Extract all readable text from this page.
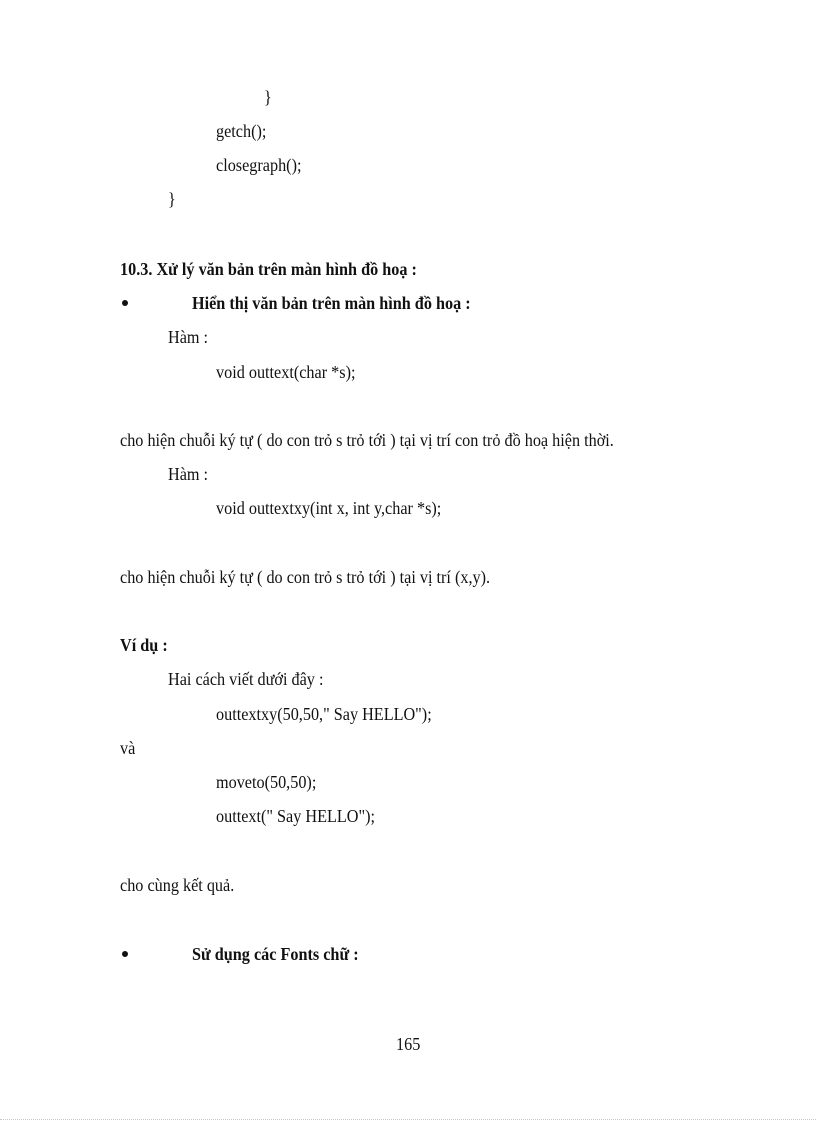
}
getch();
closegraph();
}
10.3. Xử lý văn bản trên màn hình đồ hoạ :
Hiển thị văn bản trên màn hình đồ hoạ :
Hàm :
void outtext(char *s);
cho hiện chuỗi ký tự ( do con trỏ s trỏ tới ) tại vị trí con trỏ đồ hoạ hiện thời.
Hàm :
void outtextxy(int x, int y,char *s);
cho hiện chuỗi ký tự ( do con trỏ s trỏ tới ) tại vị trí (x,y).
Ví dụ :
Hai cách viết dưới đây :
outtextxy(50,50," Say HELLO");
và
moveto(50,50);
outtext(" Say HELLO");
cho cùng kết quả.
Sử dụng các Fonts chữ :
165
